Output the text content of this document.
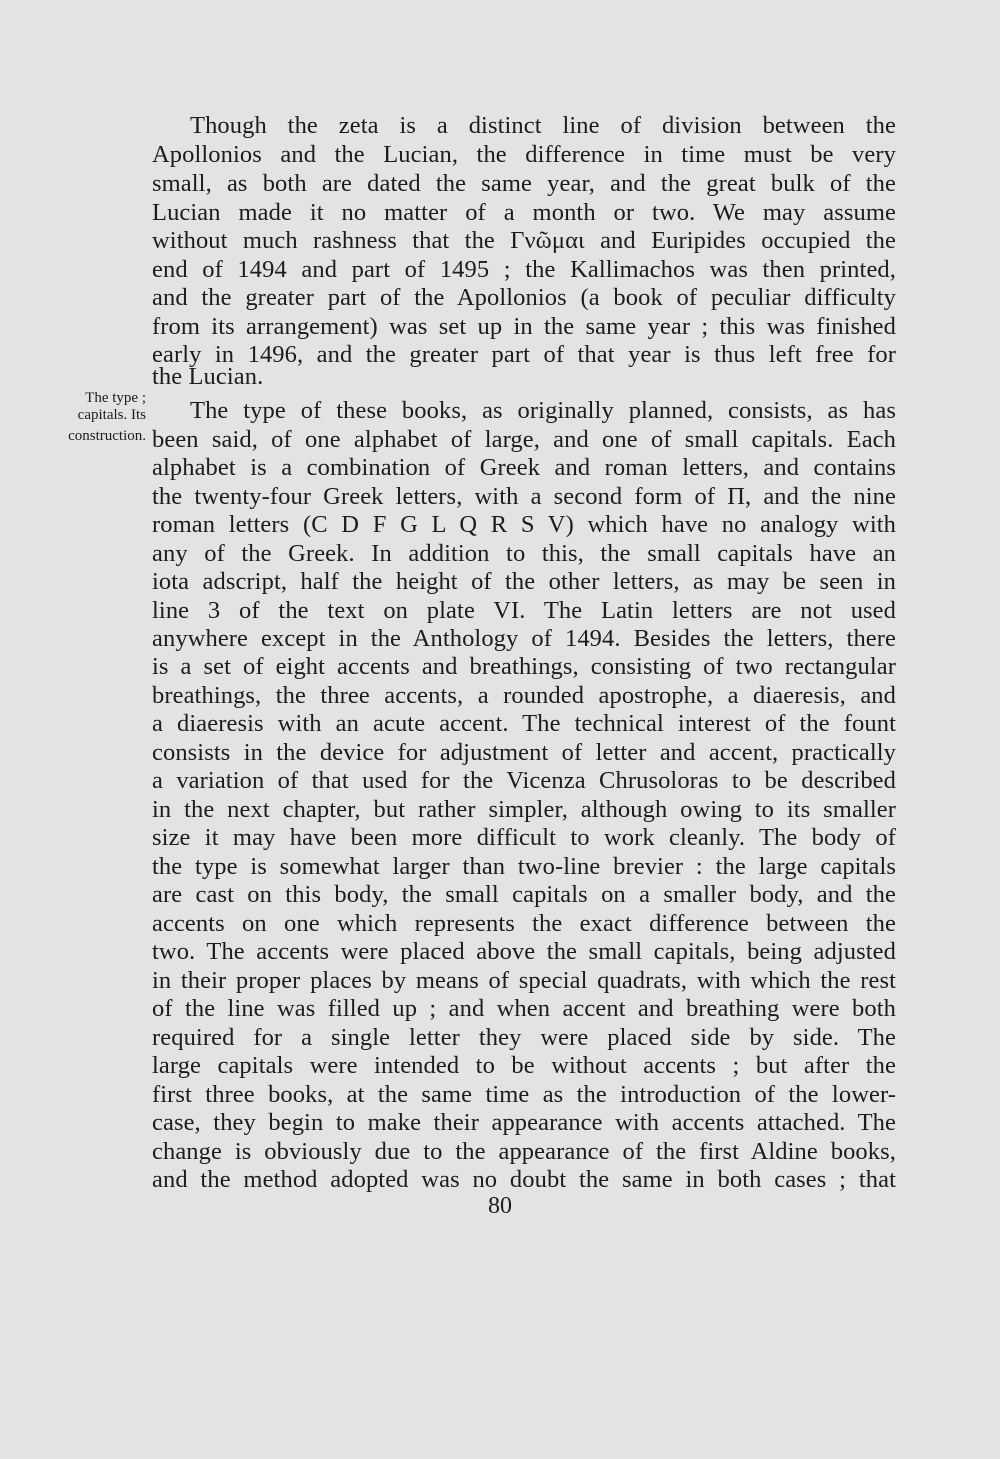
The type ;
capitals. Its
construction.
Though the zeta is a distinct line of division between the
Apollonios and the Lucian, the difference in time must be very
small, as both are dated the same year, and the great bulk of the
Lucian made it no matter of a month or two. We may assume
without much rashness that the Γνῶμαι and Euripides occupied the
end of 1494 and part of 1495 ; the Kallimachos was then printed,
and the greater part of the Apollonios (a book of peculiar difficulty
from its arrangement) was set up in the same year ; this was finished
early in 1496, and the greater part of that year is thus left free for
the Lucian.
The type of these books, as originally planned, consists, as has
been said, of one alphabet of large, and one of small capitals. Each
alphabet is a combination of Greek and roman letters, and contains
the twenty-four Greek letters, with a second form of Π, and the nine
roman letters (C D F G L Q R S V) which have no analogy with
any of the Greek. In addition to this, the small capitals have an
iota adscript, half the height of the other letters, as may be seen in
line 3 of the text on plate VI. The Latin letters are not used
anywhere except in the Anthology of 1494. Besides the letters, there
is a set of eight accents and breathings, consisting of two rectangular
breathings, the three accents, a rounded apostrophe, a diaeresis, and
a diaeresis with an acute accent. The technical interest of the fount
consists in the device for adjustment of letter and accent, practically
a variation of that used for the Vicenza Chrusoloras to be described
in the next chapter, but rather simpler, although owing to its smaller
size it may have been more difficult to work cleanly. The body of
the type is somewhat larger than two-line brevier : the large capitals
are cast on this body, the small capitals on a smaller body, and the
accents on one which represents the exact difference between the
two. The accents were placed above the small capitals, being adjusted
in their proper places by means of special quadrats, with which the rest
of the line was filled up ; and when accent and breathing were both
required for a single letter they were placed side by side. The
large capitals were intended to be without accents ; but after the
first three books, at the same time as the introduction of the lower-
case, they begin to make their appearance with accents attached. The
change is obviously due to the appearance of the first Aldine books,
and the method adopted was no doubt the same in both cases ; that
80
